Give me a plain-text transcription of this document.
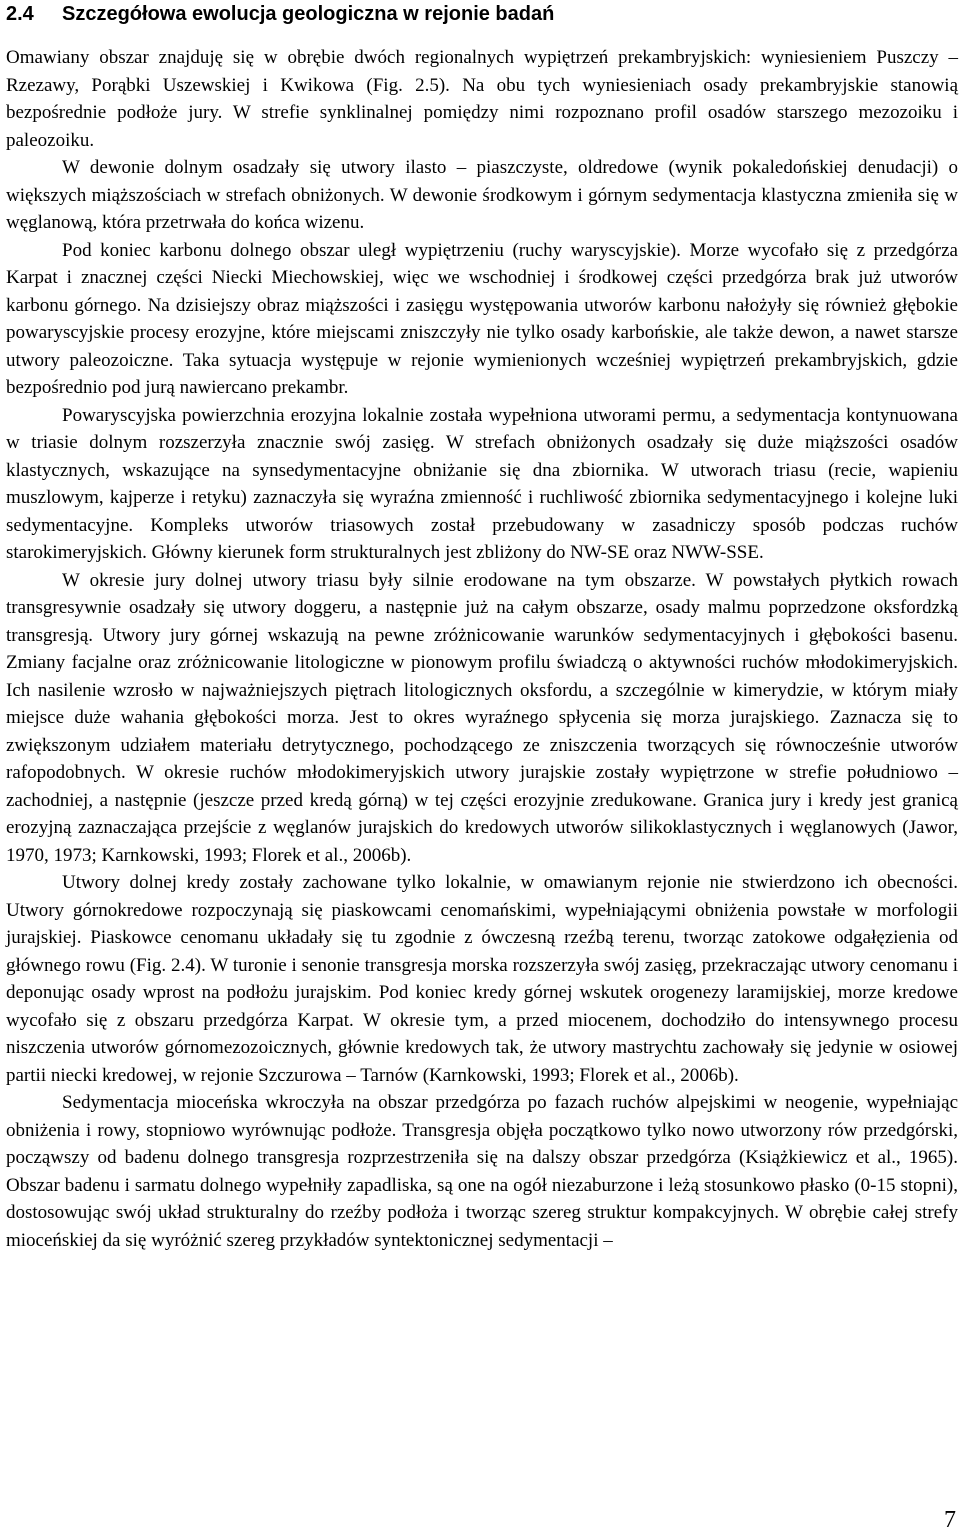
2.4 Szczegółowa ewolucja geologiczna w rejonie badań

Omawiany obszar znajduję się w obrębie dwóch regionalnych wypiętrzeń prekambryjskich: wyniesieniem Puszczy – Rzezawy, Porąbki Uszewskiej i Kwikowa (Fig. 2.5). Na obu tych wyniesieniach osady prekambryjskie stanowią bezpośrednie podłoże jury. W strefie synklinalnej pomiędzy nimi rozpoznano profil osadów starszego mezozoiku i paleozoiku.

W dewonie dolnym osadzały się utwory ilasto – piaszczyste, oldredowe (wynik pokaledońskiej denudacji) o większych miąższościach w strefach obniżonych. W dewonie środkowym i górnym sedymentacja klastyczna zmieniła się w węglanową, która przetrwała do końca wizenu.

Pod koniec karbonu dolnego obszar uległ wypiętrzeniu (ruchy waryscyjskie). Morze wycofało się z przedgórza Karpat i znacznej części Niecki Miechowskiej, więc we wschodniej i środkowej części przedgórza brak już utworów karbonu górnego. Na dzisiejszy obraz miąższości i zasięgu występowania utworów karbonu nałożyły się również głębokie powaryscyjskie procesy erozyjne, które miejscami zniszczyły nie tylko osady karbońskie, ale także dewon, a nawet starsze utwory paleozoiczne. Taka sytuacja występuje w rejonie wymienionych wcześniej wypiętrzeń prekambryjskich, gdzie bezpośrednio pod jurą nawiercano prekambr.

Powaryscyjska powierzchnia erozyjna lokalnie została wypełniona utworami permu, a sedymentacja kontynuowana w triasie dolnym rozszerzyła znacznie swój zasięg. W strefach obniżonych osadzały się duże miąższości osadów klastycznych, wskazujące na synsedymentacyjne obniżanie się dna zbiornika. W utworach triasu (recie, wapieniu muszlowym, kajperze i retyku) zaznaczyła się wyraźna zmienność i ruchliwość zbiornika sedymentacyjnego i kolejne luki sedymentacyjne. Kompleks utworów triasowych został przebudowany w zasadniczy sposób podczas ruchów starokimeryjskich. Główny kierunek form strukturalnych jest zbliżony do NW-SE oraz NWW-SSE.

W okresie jury dolnej utwory triasu były silnie erodowane na tym obszarze. W powstałych płytkich rowach transgresywnie osadzały się utwory doggeru, a następnie już na całym obszarze, osady malmu poprzedzone oksfordzką transgresją. Utwory jury górnej wskazują na pewne zróżnicowanie warunków sedymentacyjnych i głębokości basenu. Zmiany facjalne oraz zróżnicowanie litologiczne w pionowym profilu świadczą o aktywności ruchów młodokimeryjskich. Ich nasilenie wzrosło w najważniejszych piętrach litologicznych oksfordu, a szczególnie w kimerydzie, w którym miały miejsce duże wahania głębokości morza. Jest to okres wyraźnego spłycenia się morza jurajskiego. Zaznacza się to zwiększonym udziałem materiału detrytycznego, pochodzącego ze zniszczenia tworzących się równocześnie utworów rafopodobnych. W okresie ruchów młodokimeryjskich utwory jurajskie zostały wypiętrzone w strefie południowo – zachodniej, a następnie (jeszcze przed kredą górną) w tej części erozyjnie zredukowane. Granica jury i kredy jest granicą erozyjną zaznaczająca przejście z węglanów jurajskich do kredowych utworów silikoklastycznych i węglanowych (Jawor, 1970, 1973; Karnkowski, 1993; Florek et al., 2006b).

Utwory dolnej kredy zostały zachowane tylko lokalnie, w omawianym rejonie nie stwierdzono ich obecności. Utwory górnokredowe rozpoczynają się piaskowcami cenomańskimi, wypełniającymi obniżenia powstałe w morfologii jurajskiej. Piaskowce cenomanu układały się tu zgodnie z ówczesną rzeźbą terenu, tworząc zatokowe odgałęzienia od głównego rowu (Fig. 2.4). W turonie i senonie transgresja morska rozszerzyła swój zasięg, przekraczając utwory cenomanu i deponując osady wprost na podłożu jurajskim. Pod koniec kredy górnej wskutek orogenezy laramijskiej, morze kredowe wycofało się z obszaru przedgórza Karpat. W okresie tym, a przed miocenem, dochodziło do intensywnego procesu niszczenia utworów górnomezozoicznych, głównie kredowych tak, że utwory mastrychtu zachowały się jedynie w osiowej partii niecki kredowej, w rejonie Szczurowa – Tarnów (Karnkowski, 1993; Florek et al., 2006b).

Sedymentacja mioceńska wkroczyła na obszar przedgórza po fazach ruchów alpejskimi w neogenie, wypełniając obniżenia i rowy, stopniowo wyrównując podłoże. Transgresja objęła początkowo tylko nowo utworzony rów przedgórski, począwszy od badenu dolnego transgresja rozprzestrzeniła się na dalszy obszar przedgórza (Książkiewicz et al., 1965). Obszar badenu i sarmatu dolnego wypełniły zapadliska, są one na ogół niezaburzone i leżą stosunkowo płasko (0-15 stopni), dostosowując swój układ strukturalny do rzeźby podłoża i tworząc szereg struktur kompakcyjnych. W obrębie całej strefy mioceńskiej da się wyróżnić szereg przykładów syntektonicznej sedymentacji –

7
